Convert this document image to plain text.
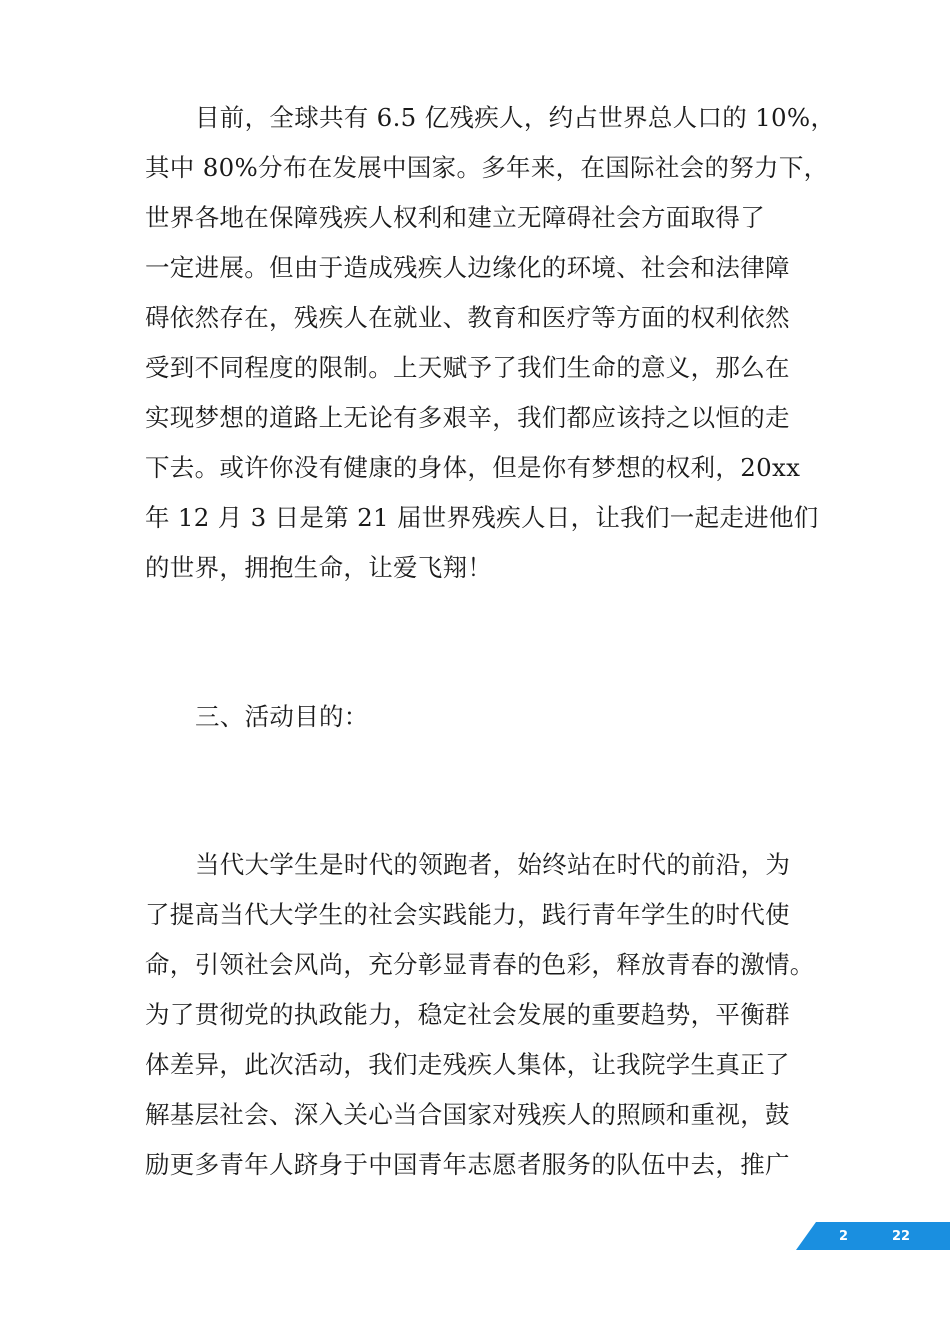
目前，全球共有 6.5 亿残疾人，约占世界总人口的 10%，
其中 80%分布在发展中国家。多年来，在国际社会的努力下，
世界各地在保障残疾人权利和建立无障碍社会方面取得了
一定进展。但由于造成残疾人边缘化的环境、社会和法律障
碍依然存在，残疾人在就业、教育和医疗等方面的权利依然
受到不同程度的限制。上天赋予了我们生命的意义，那么在
实现梦想的道路上无论有多艰辛，我们都应该持之以恒的走
下去。或许你没有健康的身体，但是你有梦想的权利，20xx
年 12 月 3 日是第 21 届世界残疾人日，让我们一起走进他们
的世界，拥抱生命，让爱飞翔！
三、活动目的：
当代大学生是时代的领跑者，始终站在时代的前沿，为
了提高当代大学生的社会实践能力，践行青年学生的时代使
命，引领社会风尚，充分彰显青春的色彩，释放青春的激情。
为了贯彻党的执政能力，稳定社会发展的重要趋势，平衡群
体差异，此次活动，我们走残疾人集体，让我院学生真正了
解基层社会、深入关心当合国家对残疾人的照顾和重视，鼓
励更多青年人跻身于中国青年志愿者服务的队伍中去，推广
2	22
